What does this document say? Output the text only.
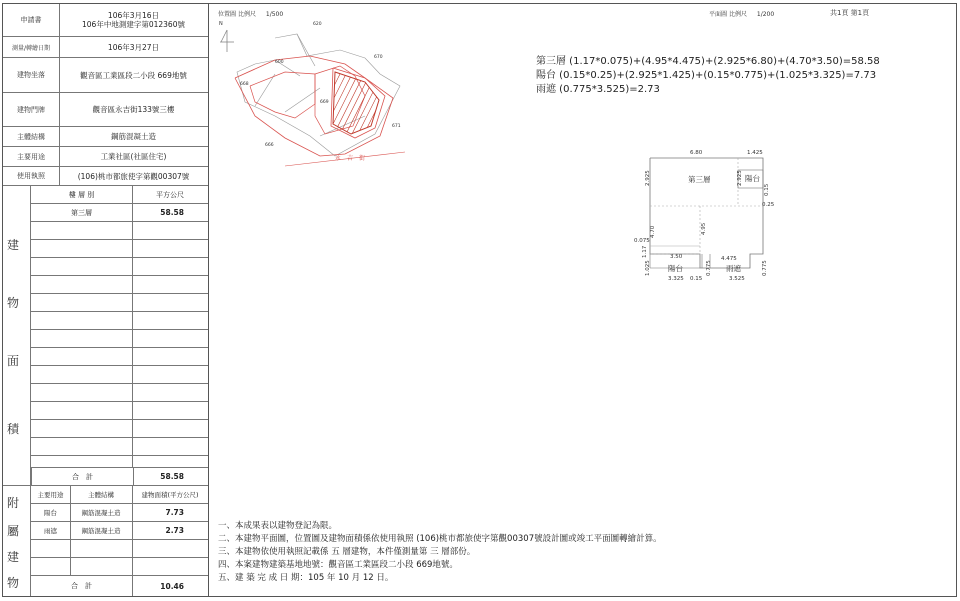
申請書	106年3月16日
106年中地測建字第012360號
測量/轉繪日期	106年3月27日
建物坐落	觀音區工業區段二小段 669地號
建物門牌	觀音區永吉街133號三樓
主體結構	鋼筋混凝土造
主要用途	工業社區(社區住宅)
使用執照	(106)桃市都旅使字第觀00307號
建
物
面
積
樓 層 別	平方公尺
第三層	58.58
合　計	58.58
附
屬
建
物
主要用途	主體結構	建物面積(平方公尺)
陽台	鋼筋混凝土造	7.73
雨遮	鋼筋混凝土造	2.73
合　計	10.46
位置圖 比例尺 1/500
N	620
670
600
668
669
671
666
永　吉　街
平面圖 比例尺 1/200	共1頁 第1頁
第三層 (1.17*0.075)+(4.95*4.475)+(2.925*6.80)+(4.70*3.50)=58.58
陽台 (0.15*0.25)+(2.925*1.425)+(0.15*0.775)+(1.025*3.325)=7.73
雨遮 (0.775*3.525)=2.73
第三層	陽台
陽台	雨遮
6.80	1.425
2.925
4.70
0.075
1.17
1.025
2.925
0.15
0.25
4.95
3.50	4.475
3.325 0.15
0.775
3.525
0.775
一、本成果表以建物登記為限。
二、本建物平面圖，位置圖及建物面積係依使用執照 (106)桃市都旅使字第觀00307號設計圖或竣工平面圖轉繪計算。
三、本建物依使用執照記載係 五 層建物，本件僅測量第 三 層部份。
四、本案建物建築基地地號：觀音區工業區段二小段 669地號。
五、建 築 完 成 日 期：105 年 10 月 12 日。
